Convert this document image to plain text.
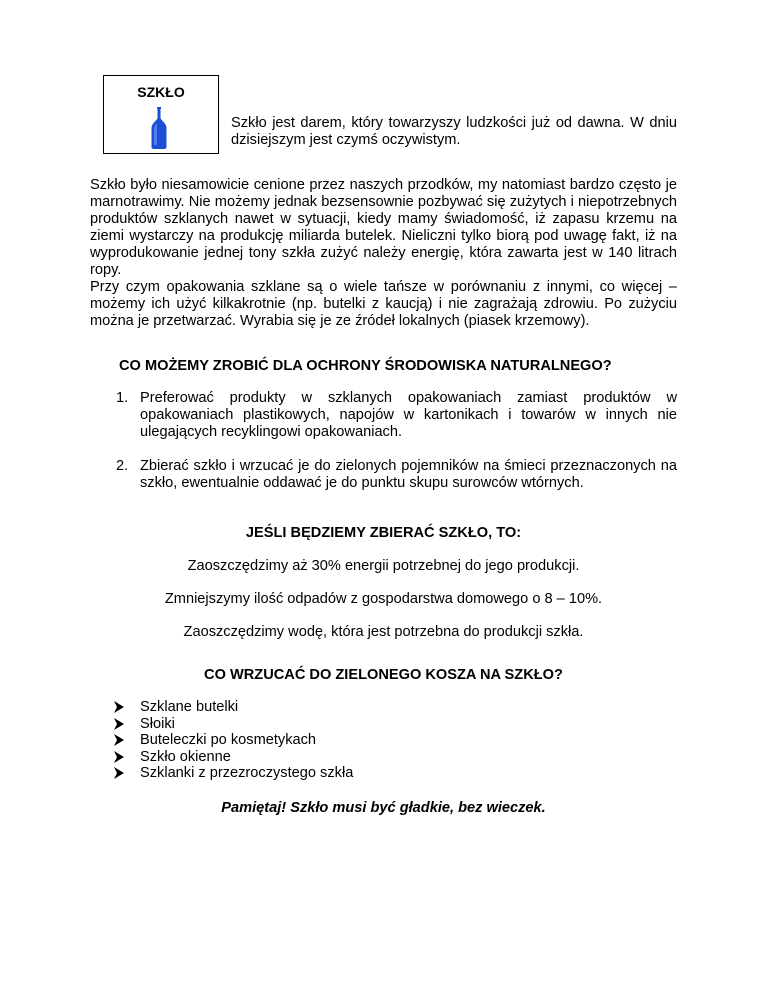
SZKŁO

Szkło jest darem, który towarzyszy ludzkości już od dawna. W dniu dzisiejszym jest czymś oczywistym.

Szkło było niesamowicie cenione przez naszych przodków, my natomiast bardzo często je marnotrawimy. Nie możemy jednak bezsensownie pozbywać się zużytych i niepotrzebnych produktów szklanych nawet w sytuacji, kiedy mamy świadomość, iż zapasu krzemu na ziemi wystarczy na produkcję miliarda butelek. Nieliczni tylko biorą pod uwagę fakt, iż na wyprodukowanie jednej tony szkła zużyć należy energię, która zawarta jest w 140 litrach ropy.

Przy czym opakowania szklane są o wiele tańsze w porównaniu z innymi, co więcej – możemy ich użyć kilkakrotnie (np. butelki z kaucją) i nie zagrażają zdrowiu. Po zużyciu można je przetwarzać. Wyrabia się je ze źródeł lokalnych (piasek krzemowy).

CO MOŻEMY ZROBIĆ DLA OCHRONY ŚRODOWISKA NATURALNEGO?
1. Preferować produkty w szklanych opakowaniach zamiast produktów w opakowaniach plastikowych, napojów w kartonikach i towarów w innych nie ulegających recyklingowi opakowaniach.
2. Zbierać szkło i wrzucać je do zielonych pojemników na śmieci przeznaczonych na szkło, ewentualnie oddawać je do punktu skupu surowców wtórnych.
JEŚLI BĘDZIEMY ZBIERAĆ SZKŁO, TO:

Zaoszczędzimy aż 30% energii potrzebnej do jego produkcji.

Zmniejszymy ilość odpadów z gospodarstwa domowego o 8 – 10%.

Zaoszczędzimy wodę, która jest potrzebna do produkcji szkła.

CO WRZUCAĆ DO ZIELONEGO KOSZA NA SZKŁO?
Szklane butelki
Słoiki
Buteleczki po kosmetykach
Szkło okienne
Szklanki z przezroczystego szkła

Pamiętaj! Szkło musi być gładkie, bez wieczek.
